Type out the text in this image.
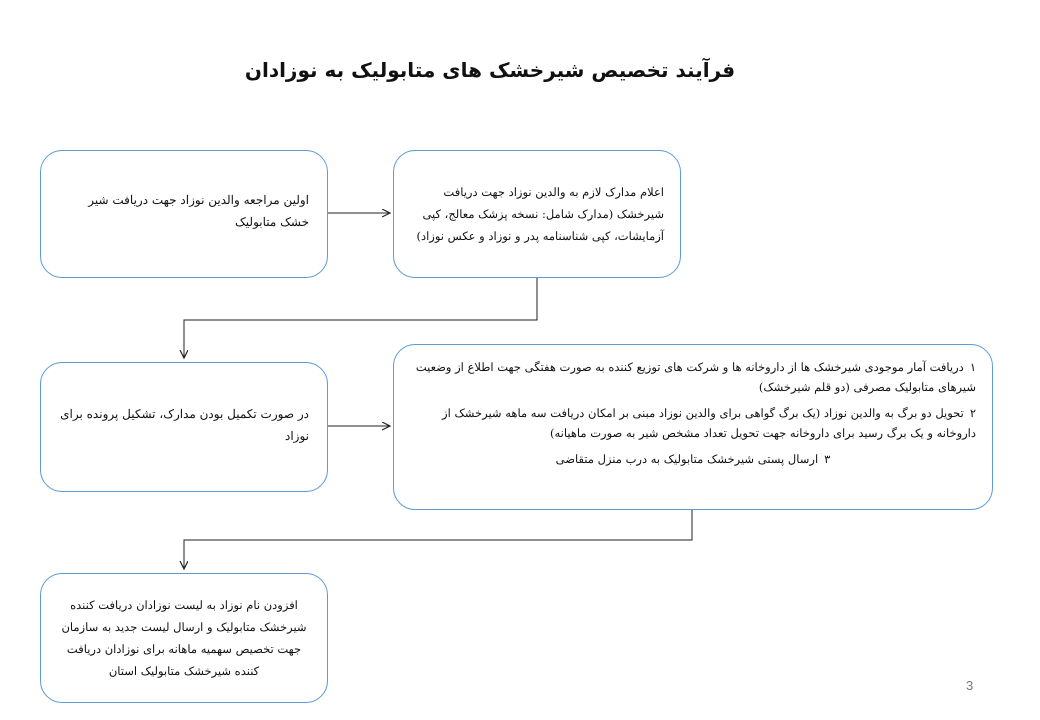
فرآیند تخصیص شیرخشک های متابولیک به نوزادان

اولین مراجعه والدین نوزاد جهت دریافت شیر خشک متابولیک

اعلام مدارک لازم به والدین نوزاد جهت دریافت شیرخشک (مدارک شامل: نسخه پزشک معالج، کپی آزمایشات، کپی شناسنامه پدر و نوزاد و عکس نوزاد)

در صورت تکمیل بودن مدارک، تشکیل پرونده برای نوزاد

۱دریافت آمار موجودی شیرخشک ها از داروخانه ها و شرکت های توزیع کننده به صورت هفتگی جهت اطلاع از وضعیت شیرهای متابولیک مصرفی (دو قلم شیرخشک)

۲تحویل دو برگ به والدین نوزاد (یک برگ گواهی برای والدین نوزاد مبنی بر امکان دریافت سه ماهه شیرخشک از داروخانه و یک برگ رسید برای داروخانه جهت تحویل تعداد مشخص شیر به صورت ماهیانه)

۳ارسال پستی شیرخشک متابولیک به درب منزل متقاضی

افزودن نام نوزاد به لیست نوزادان دریافت کننده شیرخشک متابولیک و ارسال لیست جدید به سازمان جهت تخصیص سهمیه ماهانه برای نوزادان دریافت کننده شیرخشک متابولیک استان

3
